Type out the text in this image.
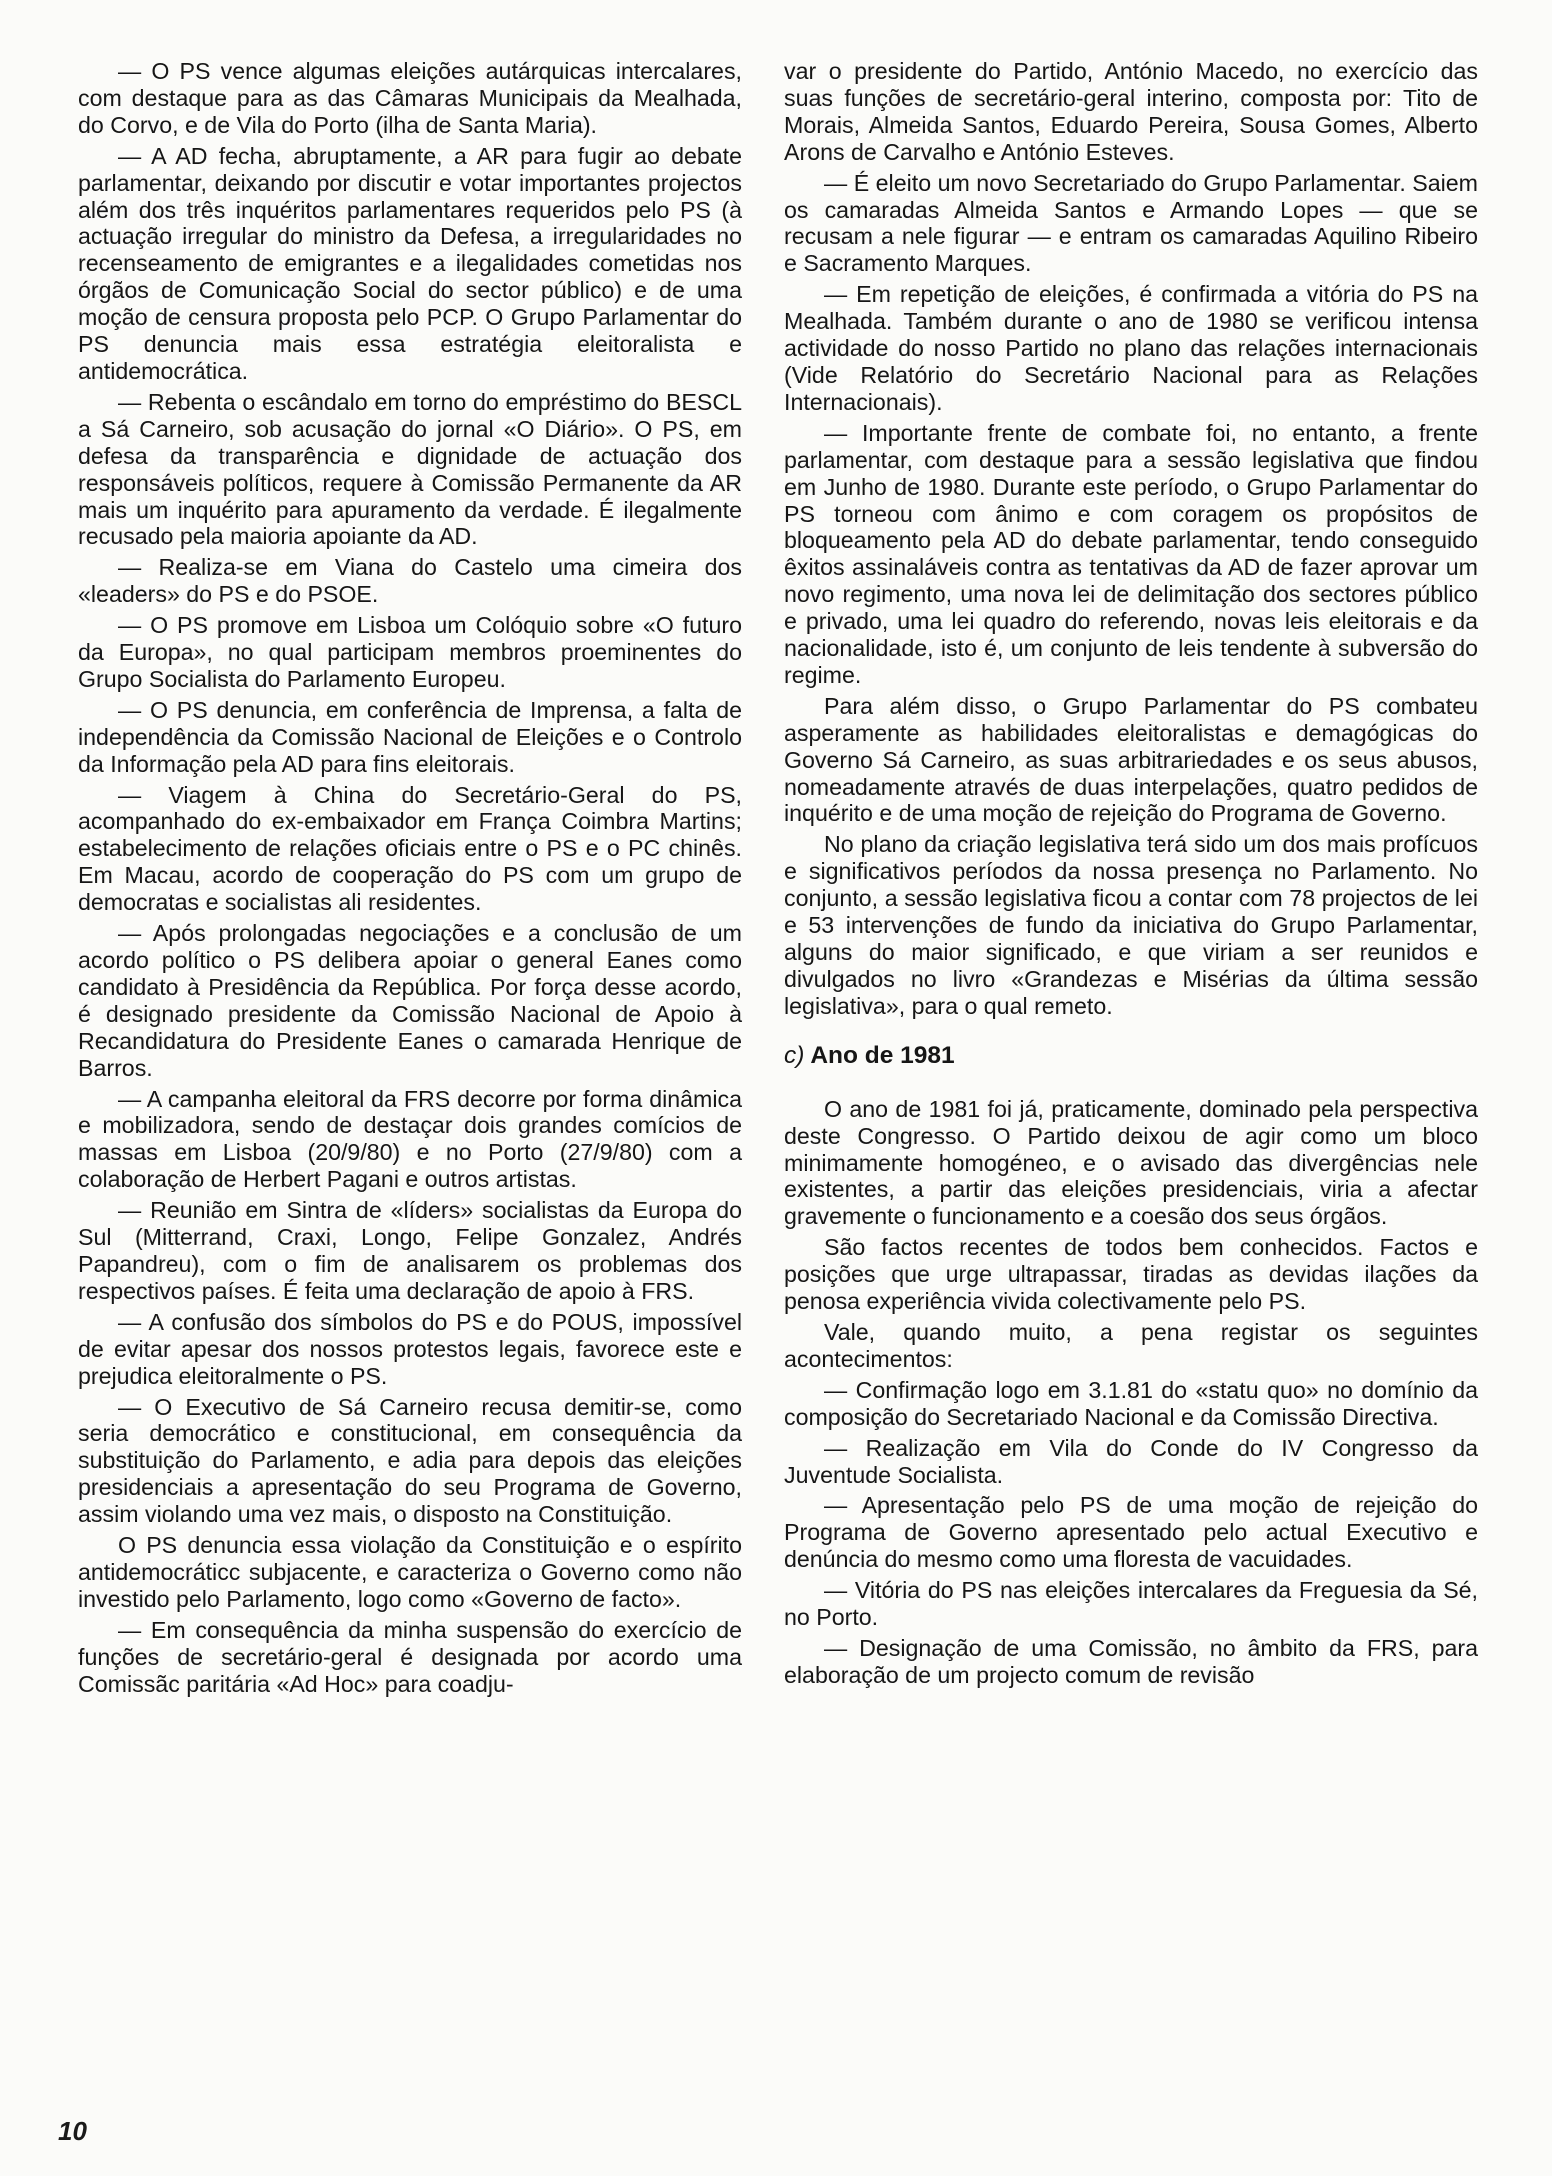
— O PS vence algumas eleições autárquicas intercalares, com destaque para as das Câmaras Municipais da Mealhada, do Corvo, e de Vila do Porto (ilha de Santa Maria).

— A AD fecha, abruptamente, a AR para fugir ao debate parlamentar, deixando por discutir e votar importantes projectos além dos três inquéritos parlamentares requeridos pelo PS (à actuação irregular do ministro da Defesa, a irregularidades no recenseamento de emigrantes e a ilegalidades cometidas nos órgãos de Comunicação Social do sector público) e de uma moção de censura proposta pelo PCP. O Grupo Parlamentar do PS denuncia mais essa estratégia eleitoralista e antidemocrática.

— Rebenta o escândalo em torno do empréstimo do BESCL a Sá Carneiro, sob acusação do jornal «O Diário». O PS, em defesa da transparência e dignidade de actuação dos responsáveis políticos, requere à Comissão Permanente da AR mais um inquérito para apuramento da verdade. É ilegalmente recusado pela maioria apoiante da AD.

— Realiza-se em Viana do Castelo uma cimeira dos «leaders» do PS e do PSOE.

— O PS promove em Lisboa um Colóquio sobre «O futuro da Europa», no qual participam membros proeminentes do Grupo Socialista do Parlamento Europeu.

— O PS denuncia, em conferência de Imprensa, a falta de independência da Comissão Nacional de Eleições e o Controlo da Informação pela AD para fins eleitorais.

— Viagem à China do Secretário-Geral do PS, acompanhado do ex-embaixador em França Coimbra Martins; estabelecimento de relações oficiais entre o PS e o PC chinês. Em Macau, acordo de cooperação do PS com um grupo de democratas e socialistas ali residentes.

— Após prolongadas negociações e a conclusão de um acordo político o PS delibera apoiar o general Eanes como candidato à Presidência da República. Por força desse acordo, é designado presidente da Comissão Nacional de Apoio à Recandidatura do Presidente Eanes o camarada Henrique de Barros.

— A campanha eleitoral da FRS decorre por forma dinâmica e mobilizadora, sendo de destaçar dois grandes comícios de massas em Lisboa (20/9/80) e no Porto (27/9/80) com a colaboração de Herbert Pagani e outros artistas.

— Reunião em Sintra de «líders» socialistas da Europa do Sul (Mitterrand, Craxi, Longo, Felipe Gonzalez, Andrés Papandreu), com o fim de analisarem os problemas dos respectivos países. É feita uma declaração de apoio à FRS.

— A confusão dos símbolos do PS e do POUS, impossível de evitar apesar dos nossos protestos legais, favorece este e prejudica eleitoralmente o PS.

— O Executivo de Sá Carneiro recusa demitir-se, como seria democrático e constitucional, em consequência da substituição do Parlamento, e adia para depois das eleições presidenciais a apresentação do seu Programa de Governo, assim violando uma vez mais, o disposto na Constituição.

O PS denuncia essa violação da Constituição e o espírito antidemocráticc subjacente, e caracteriza o Governo como não investido pelo Parlamento, logo como «Governo de facto».

— Em consequência da minha suspensão do exercício de funções de secretário-geral é designada por acordo uma Comissãc paritária «Ad Hoc» para coadju-

var o presidente do Partido, António Macedo, no exercício das suas funções de secretário-geral interino, composta por: Tito de Morais, Almeida Santos, Eduardo Pereira, Sousa Gomes, Alberto Arons de Carvalho e António Esteves.

— É eleito um novo Secretariado do Grupo Parlamentar. Saiem os camaradas Almeida Santos e Armando Lopes — que se recusam a nele figurar — e entram os camaradas Aquilino Ribeiro e Sacramento Marques.

— Em repetição de eleições, é confirmada a vitória do PS na Mealhada. Também durante o ano de 1980 se verificou intensa actividade do nosso Partido no plano das relações internacionais (Vide Relatório do Secretário Nacional para as Relações Internacionais).

— Importante frente de combate foi, no entanto, a frente parlamentar, com destaque para a sessão legislativa que findou em Junho de 1980. Durante este período, o Grupo Parlamentar do PS torneou com ânimo e com coragem os propósitos de bloqueamento pela AD do debate parlamentar, tendo conseguido êxitos assinaláveis contra as tentativas da AD de fazer aprovar um novo regimento, uma nova lei de delimitação dos sectores público e privado, uma lei quadro do referendo, novas leis eleitorais e da nacionalidade, isto é, um conjunto de leis tendente à subversão do regime.

Para além disso, o Grupo Parlamentar do PS combateu asperamente as habilidades eleitoralistas e demagógicas do Governo Sá Carneiro, as suas arbitrariedades e os seus abusos, nomeadamente através de duas interpelações, quatro pedidos de inquérito e de uma moção de rejeição do Programa de Governo.

No plano da criação legislativa terá sido um dos mais profícuos e significativos períodos da nossa presença no Parlamento. No conjunto, a sessão legislativa ficou a contar com 78 projectos de lei e 53 intervenções de fundo da iniciativa do Grupo Parlamentar, alguns do maior significado, e que viriam a ser reunidos e divulgados no livro «Grandezas e Misérias da última sessão legislativa», para o qual remeto.

c) Ano de 1981

O ano de 1981 foi já, praticamente, dominado pela perspectiva deste Congresso. O Partido deixou de agir como um bloco minimamente homogéneo, e o avisado das divergências nele existentes, a partir das eleições presidenciais, viria a afectar gravemente o funcionamento e a coesão dos seus órgãos.

São factos recentes de todos bem conhecidos. Factos e posições que urge ultrapassar, tiradas as devidas ilações da penosa experiência vivida colectivamente pelo PS.

Vale, quando muito, a pena registar os seguintes acontecimentos:

— Confirmação logo em 3.1.81 do «statu quo» no domínio da composição do Secretariado Nacional e da Comissão Directiva.

— Realização em Vila do Conde do IV Congresso da Juventude Socialista.

— Apresentação pelo PS de uma moção de rejeição do Programa de Governo apresentado pelo actual Executivo e denúncia do mesmo como uma floresta de vacuidades.

— Vitória do PS nas eleições intercalares da Freguesia da Sé, no Porto.

— Designação de uma Comissão, no âmbito da FRS, para elaboração de um projecto comum de revisão

10
